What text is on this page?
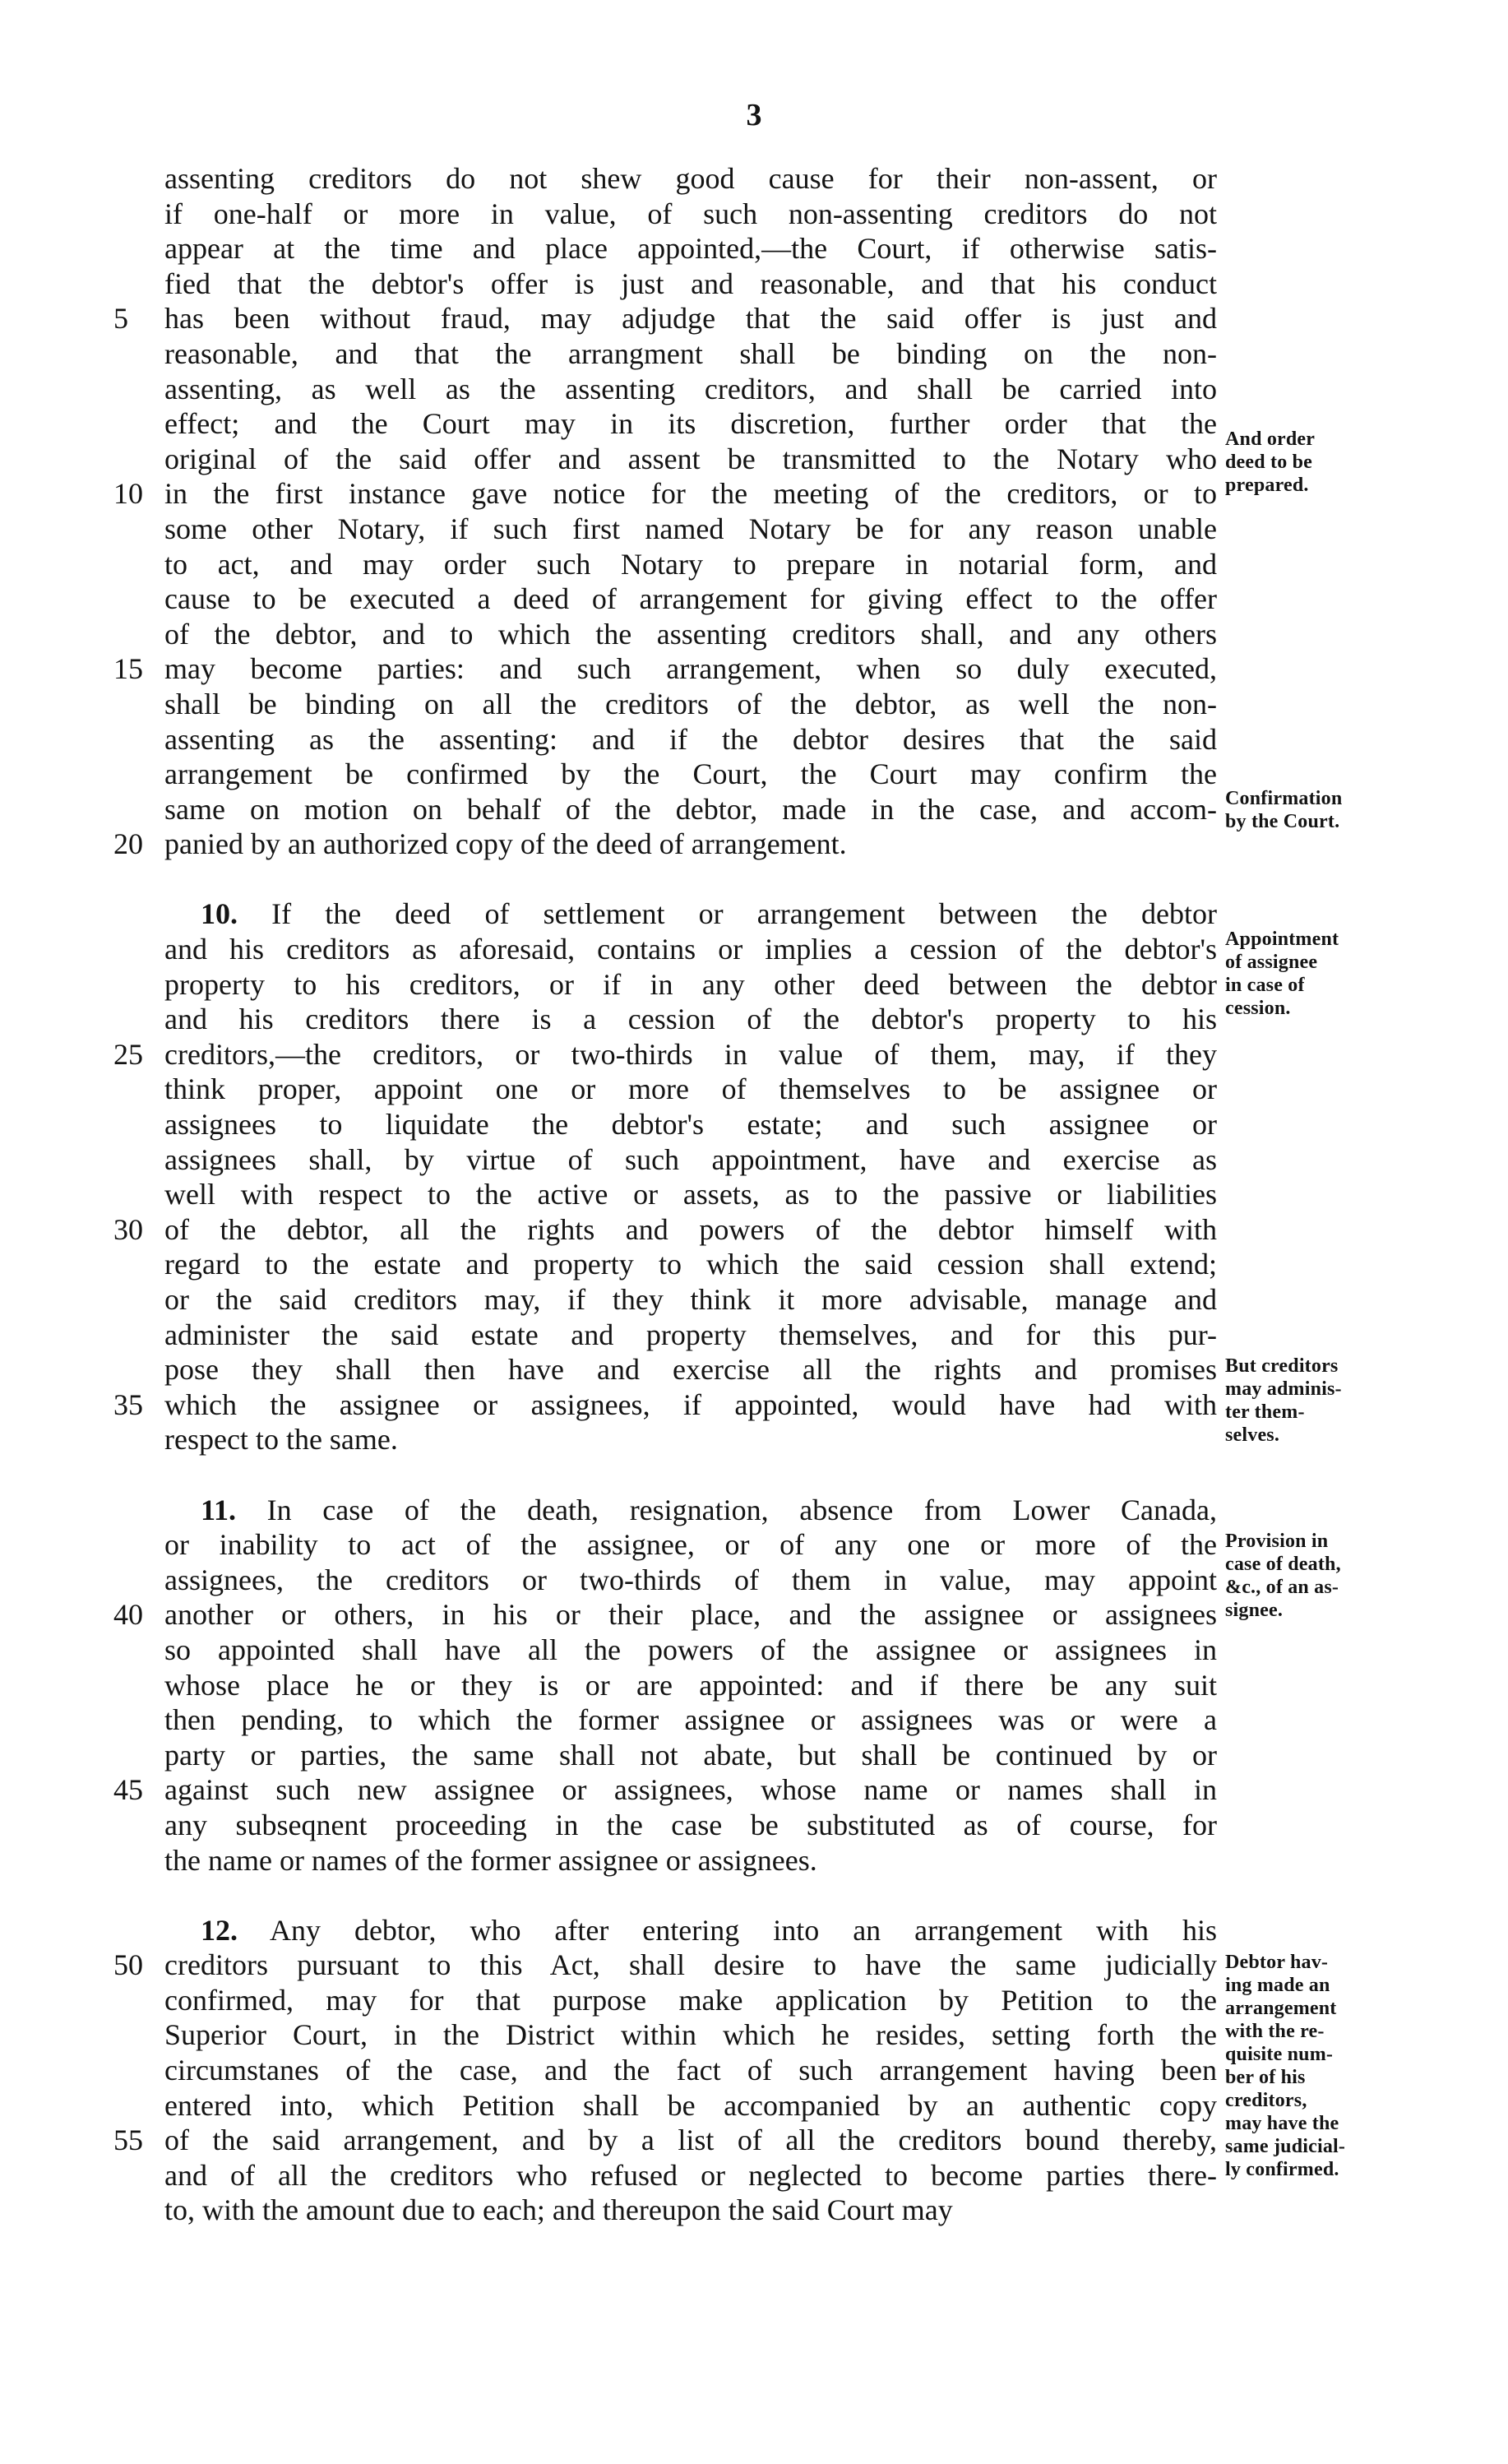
3
assenting creditors do not shew good cause for their non-assent, or
if one-half or more in value, of such non-assenting creditors do not
appear at the time and place appointed,—the Court, if otherwise satis-
fied that the debtor's offer is just and reasonable, and that his conduct
5	has been without fraud, may adjudge that the said offer is just and
reasonable, and that the arrangment shall be binding on the non-
assenting, as well as the assenting creditors, and shall be carried into
effect; and the Court may in its discretion, further order that the
original of the said offer and assent be transmitted to the Notary who
10 in the first instance gave notice for the meeting of the creditors, or to
some other Notary, if such first named Notary be for any reason unable
to act, and may order such Notary to prepare in notarial form, and
cause to be executed a deed of arrangement for giving effect to the offer
of the debtor, and to which the assenting creditors shall, and any others
15 may become parties: and such arrangement, when so duly executed,
shall be binding on all the creditors of the debtor, as well the non-
assenting as the assenting: and if the debtor desires that the said
arrangement be confirmed by the Court, the Court may confirm the
same on motion on behalf of the debtor, made in the case, and accom-
20 panied by an authorized copy of the deed of arrangement.
10. If the deed of settlement or arrangement between the debtor
and his creditors as aforesaid, contains or implies a cession of the debtor's
property to his creditors, or if in any other deed between the debtor
and his creditors there is a cession of the debtor's property to his
25 creditors,—the creditors, or two-thirds in value of them, may, if they
think proper, appoint one or more of themselves to be assignee or
assignees to liquidate the debtor's estate; and such assignee or
assignees shall, by virtue of such appointment, have and exercise as
well with respect to the active or assets, as to the passive or liabilities
30 of the debtor, all the rights and powers of the debtor himself with
regard to the estate and property to which the said cession shall extend;
or the said creditors may, if they think it more advisable, manage and
administer the said estate and property themselves, and for this pur-
pose they shall then have and exercise all the rights and promises
35 which the assignee or assignees, if appointed, would have had with
respect to the same.
11. In case of the death, resignation, absence from Lower Canada,
or inability to act of the assignee, or of any one or more of the
assignees, the creditors or two-thirds of them in value, may appoint
40 another or others, in his or their place, and the assignee or assignees
so appointed shall have all the powers of the assignee or assignees in
whose place he or they is or are appointed: and if there be any suit
then pending, to which the former assignee or assignees was or were a
party or parties, the same shall not abate, but shall be continued by or
45 against such new assignee or assignees, whose name or names shall in
any subseqnent proceeding in the case be substituted as of course, for
the name or names of the former assignee or assignees.
12. Any debtor, who after entering into an arrangement with his
50 creditors pursuant to this Act, shall desire to have the same judicially
confirmed, may for that purpose make application by Petition to the
Superior Court, in the District within which he resides, setting forth the
circumstanes of the case, and the fact of such arrangement having been
entered into, which Petition shall be accompanied by an authentic copy
55 of the said arrangement, and by a list of all the creditors bound thereby,
and of all the creditors who refused or neglected to become parties there-
to, with the amount due to each; and thereupon the said Court may
And order
deed to be
prepared.
Confirmation
by the Court.
Appointment
of assignee
in case of
cession.
But creditors
may adminis-
ter them-
selves.
Provision in
case of death,
&c., of an as-
signee.
Debtor hav-
ing made an
arrangement
with the re-
quisite num-
ber of his
creditors,
may have the
same judicial-
ly confirmed.
